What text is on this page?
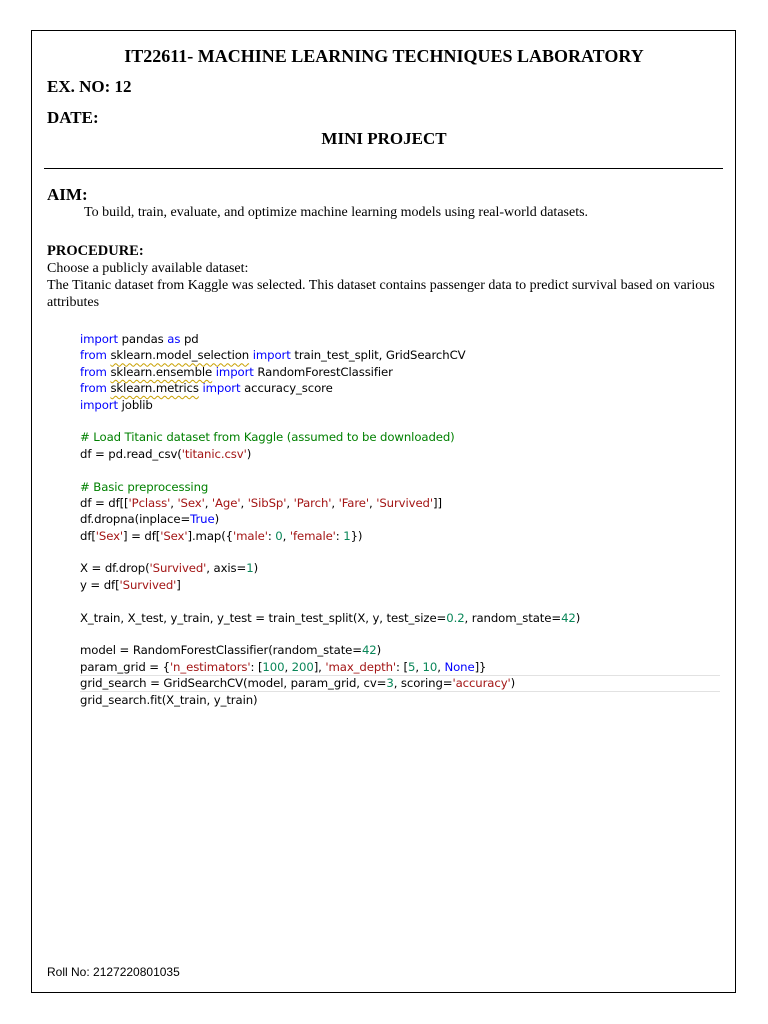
IT22611- MACHINE LEARNING TECHNIQUES LABORATORY
EX. NO: 12
DATE:
MINI PROJECT
AIM:
To build, train, evaluate, and optimize machine learning models using real-world datasets.
PROCEDURE:
Choose a publicly available dataset:
The Titanic dataset from Kaggle was selected. This dataset contains passenger data to predict survival based on various attributes
import pandas as pd
from sklearn.model_selection import train_test_split, GridSearchCV
from sklearn.ensemble import RandomForestClassifier
from sklearn.metrics import accuracy_score
import joblib

# Load Titanic dataset from Kaggle (assumed to be downloaded)
df = pd.read_csv('titanic.csv')

# Basic preprocessing
df = df[['Pclass', 'Sex', 'Age', 'SibSp', 'Parch', 'Fare', 'Survived']]
df.dropna(inplace=True)
df['Sex'] = df['Sex'].map({'male': 0, 'female': 1})

X = df.drop('Survived', axis=1)
y = df['Survived']

X_train, X_test, y_train, y_test = train_test_split(X, y, test_size=0.2, random_state=42)

model = RandomForestClassifier(random_state=42)
param_grid = {'n_estimators': [100, 200], 'max_depth': [5, 10, None]}
grid_search = GridSearchCV(model, param_grid, cv=3, scoring='accuracy')
grid_search.fit(X_train, y_train)
Roll No: 2127220801035
